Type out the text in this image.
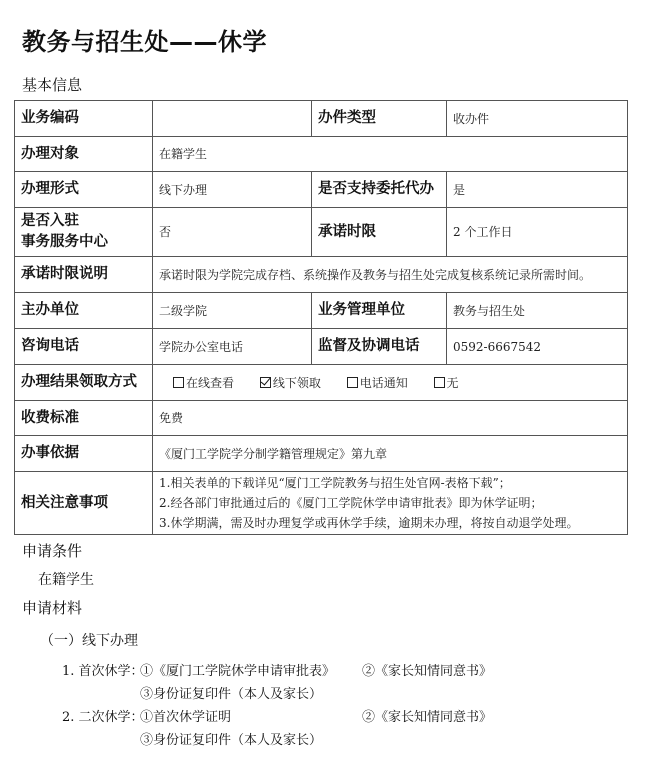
教务与招生处——休学
基本信息
业务编码		办件类型	收办件
办理对象	在籍学生		
办理形式	线下办理	是否支持委托代办	是

是否入驻
事务服务中心	否	承诺时限	2 个工作日
承诺时限说明	承诺时限为学院完成存档、系统操作及教务与招生处完成复核系统记录所需时间。		
主办单位	二级学院	业务管理单位	教务与招生处
咨询电话	学院办公室电话	监督及协调电话	0592-6667542
办理结果领取方式	在线查看 线下领取 电话通知 无		
收费标准	免费		
办事依据	《厦门工学院学分制学籍管理规定》第九章		
相关注意事项	1.相关表单的下载详见“厦门工学院教务与招生处官网-表格下载”；
2.经各部门审批通过后的《厦门工学院休学申请审批表》即为休学证明；
3.休学期满，需及时办理复学或再休学手续，逾期未办理，将按自动退学处理。		
申请条件
在籍学生
申请材料
（一）线下办理
1. 首次休学：
①《厦门工学院休学申请审批表》 ②《家长知情同意书》
③身份证复印件（本人及家长）
2. 二次休学：
①首次休学证明	②《家长知情同意书》
③身份证复印件（本人及家长）
